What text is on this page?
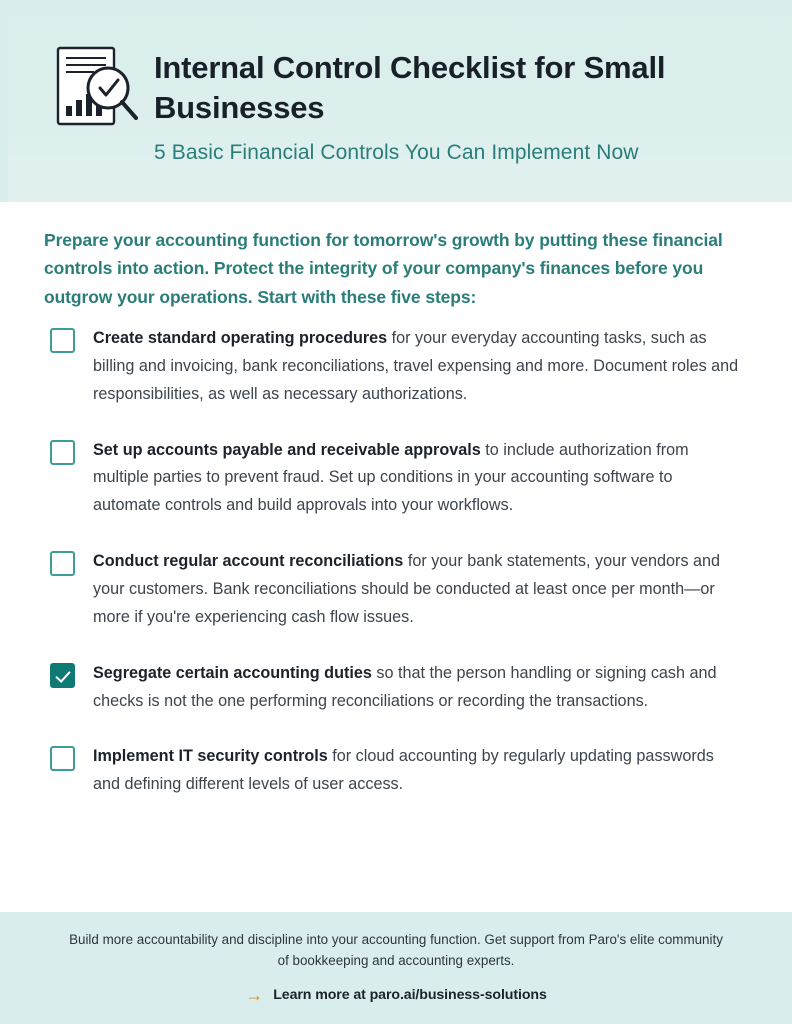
Internal Control Checklist for Small Businesses
5 Basic Financial Controls You Can Implement Now
Prepare your accounting function for tomorrow's growth by putting these financial controls into action. Protect the integrity of your company's finances before you outgrow your operations. Start with these five steps:
Create standard operating procedures for your everyday accounting tasks, such as billing and invoicing, bank reconciliations, travel expensing and more. Document roles and responsibilities, as well as necessary authorizations.
Set up accounts payable and receivable approvals to include authorization from multiple parties to prevent fraud. Set up conditions in your accounting software to automate controls and build approvals into your workflows.
Conduct regular account reconciliations for your bank statements, your vendors and your customers. Bank reconciliations should be conducted at least once per month—or more if you're experiencing cash flow issues.
Segregate certain accounting duties so that the person handling or signing cash and checks is not the one performing reconciliations or recording the transactions.
Implement IT security controls for cloud accounting by regularly updating passwords and defining different levels of user access.
Build more accountability and discipline into your accounting function. Get support from Paro's elite community of bookkeeping and accounting experts.
→ Learn more at paro.ai/business-solutions
